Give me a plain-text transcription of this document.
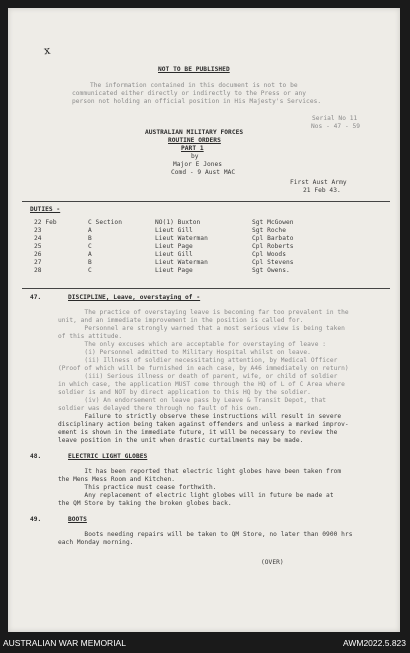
x
NOT TO BE PUBLISHED
The information contained in this document is not to be
communicated either directly or indirectly to the Press or any
person not holding an official position in His Majesty's Services.
Serial No 11
Nos - 47 - 59
AUSTRALIAN MILITARY FORCES
ROUTINE ORDERS
PART 1
by
Major E Jones
Comd - 9 Aust MAC
First Aust Army
21 Feb 43.
DUTIES -
22 Feb	C Section	NO(1) Buxton	Sgt McGowen
23	A	Lieut Gill	Sgt Roche
24	B	Lieut Waterman	Cpl Barbato
25	C	Lieut Page	Cpl Roberts
26	A	Lieut Gill	Cpl Woods
27	B	Lieut Waterman	Cpl Stevens
28	C	Lieut Page	Sgt Owens.
47.	DISCIPLINE, Leave, overstaying of -
The practice of overstaying leave is becoming far too prevalent in the
unit, and an immediate improvement in the position is called for.
Personnel are strongly warned that a most serious view is being taken
of this attitude.
The only excuses which are acceptable for overstaying of leave :
(i) Personnel admitted to Military Hospital whilst on leave.
(ii) Illness of soldier necessitating attention, by Medical Officer
(Proof of which will be furnished in each case, by A46 immediately on return)
(iii) Serious illness or death of parent, wife, or child of soldier
in which case, the application MUST come through the HQ of L of C Area where
soldier is and NOT by direct application to this HQ by the soldier.
(iv) An endorsement on leave pass by Leave & Transit Depot, that
soldier was delayed there through no fault of his own.
Failure to strictly observe these instructions will result in severe
disciplinary action being taken against offenders and unless a marked improv-
ement is shown in the immediate future, it will be necessary to review the
leave position in the unit when drastic curtailments may be made.
48.	ELECTRIC LIGHT GLOBES
It has been reported that electric light globes have been taken from
the Mens Mess Room and Kitchen.
This practice must cease forthwith.
Any replacement of electric light globes will in future be made at
the QM Store by taking the broken globes back.
49.	BOOTS
Boots needing repairs will be taken to QM Store, no later than 0900 hrs
each Monday morning.
(OVER)
AUSTRALIAN WAR MEMORIAL	AWM2022.5.823
